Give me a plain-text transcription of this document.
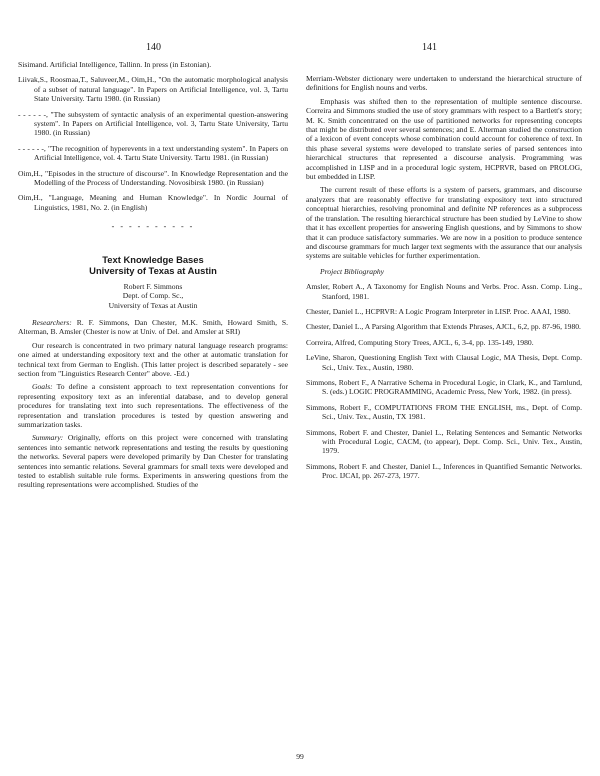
140	141

Sisimand. Artificial Intelligence, Tallinn. In press (in Estonian).

Liivak,S., Roosmaa,T., Saluveer,M., Oim,H., "On the automatic morphological analysis of a subset of natural language". In Papers on Artificial Intelligence, vol. 3, Tartu State University. Tartu 1980. (in Russian)

- - - - - -, "The subsystem of syntactic analysis of an experimental question-answering system". In Papers on Artificial Intelligence, vol. 3, Tartu State University, Tartu 1980. (in Russian)

- - - - - -, "The recognition of hyperevents in a text understanding system". In Papers on Artificial Intelligence, vol. 4. Tartu State University. Tartu 1981. (in Russian)

Oim,H., "Episodes in the structure of discourse". In Knowledge Representation and the Modelling of the Process of Understanding. Novosibirsk 1980. (in Russian)

Oim,H., "Language, Meaning and Human Knowledge". In Nordic Journal of Linguistics, 1981, No. 2. (in English)

- - - - - - - - - -

Text Knowledge Bases

University of Texas at Austin

Robert F. Simmons

Dept. of Comp. Sc.,

University of Texas at Austin

Researchers: R. F. Simmons, Dan Chester, M.K. Smith, Howard Smith, S. Alterman, B. Amsler (Chester is now at Univ. of Del. and Amsler at SRI)

Our research is concentrated in two primary natural language research programs: one aimed at understanding expository text and the other at automatic translation for technical text from German to English. (This latter project is described separately - see section from "Linguistics Research Center" above. -Ed.)

Goals: To define a consistent approach to text representation conventions for representing expository text as an inferential database, and to develop general procedures for translating text into such representations. The effectiveness of the representation and translation procedures is tested by question answering and summarization tasks.

Summary: Originally, efforts on this project were concerned with translating sentences into semantic network representations and testing the results by questioning the networks. Several papers were developed primarily by Dan Chester for translating sentences into semantic relations. Several grammars for small texts were developed and tested to establish suitable rule forms. Experiments in answering questions from the resulting representations were accomplished. Studies of the

Merriam-Webster dictionary were undertaken to understand the hierarchical structure of definitions for English nouns and verbs.

Emphasis was shifted then to the representation of multiple sentence discourse. Correira and Simmons studied the use of story grammars with respect to a Bartlett's story; M. K. Smith concentrated on the use of partitioned networks for representing concepts that might be distributed over several sentences; and E. Alterman studied the construction of a lexicon of event concepts whose combination could account for coherence of text. In this phase several systems were developed to translate series of parsed sentences into hierarchical structures that represented a discourse analysis. Programming was accomplished in LISP and in a procedural logic system, HCPRVR, based on PROLOG, but embedded in LISP.

The current result of these efforts is a system of parsers, grammars, and discourse analyzers that are reasonably effective for translating expository text into structured conceptual hierarchies, resolving pronominal and definite NP references as a subprocess of the translation. The resulting hierarchical structure has been studied by LeVine to show that it has excellent properties for answering English questions, and by Simmons to show that it can produce satisfactory summaries. We are now in a position to produce sentence and discourse grammars for much larger text segments with the assurance that our analysis systems are suitable vehicles for further experimentation.

Project Bibliography

Amsler, Robert A., A Taxonomy for English Nouns and Verbs. Proc. Assn. Comp. Ling., Stanford, 1981.

Chester, Daniel L., HCPRVR: A Logic Program Interpreter in LISP. Proc. AAAI, 1980.

Chester, Daniel L., A Parsing Algorithm that Extends Phrases, AJCL, 6,2, pp. 87-96, 1980.

Correira, Alfred, Computing Story Trees, AJCL, 6, 3-4, pp. 135-149, 1980.

LeVine, Sharon, Questioning English Text with Clausal Logic, MA Thesis, Dept. Comp. Sci., Univ. Tex., Austin, 1980.

Simmons, Robert F., A Narrative Schema in Procedural Logic, in Clark, K., and Tarnlund, S. (eds.) LOGIC PROGRAMMING, Academic Press, New York, 1982. (in press).

Simmons, Robert F., COMPUTATIONS FROM THE ENGLISH, ms., Dept. of Comp. Sci., Univ. Tex., Austin, TX 1981.

Simmons, Robert F. and Chester, Daniel L., Relating Sentences and Semantic Networks with Procedural Logic, CACM, (to appear), Dept. Comp. Sci., Univ. Tex., Austin, 1979.

Simmons, Robert F. and Chester, Daniel L., Inferences in Quantified Semantic Networks. Proc. IJCAI, pp. 267-273, 1977.

99
